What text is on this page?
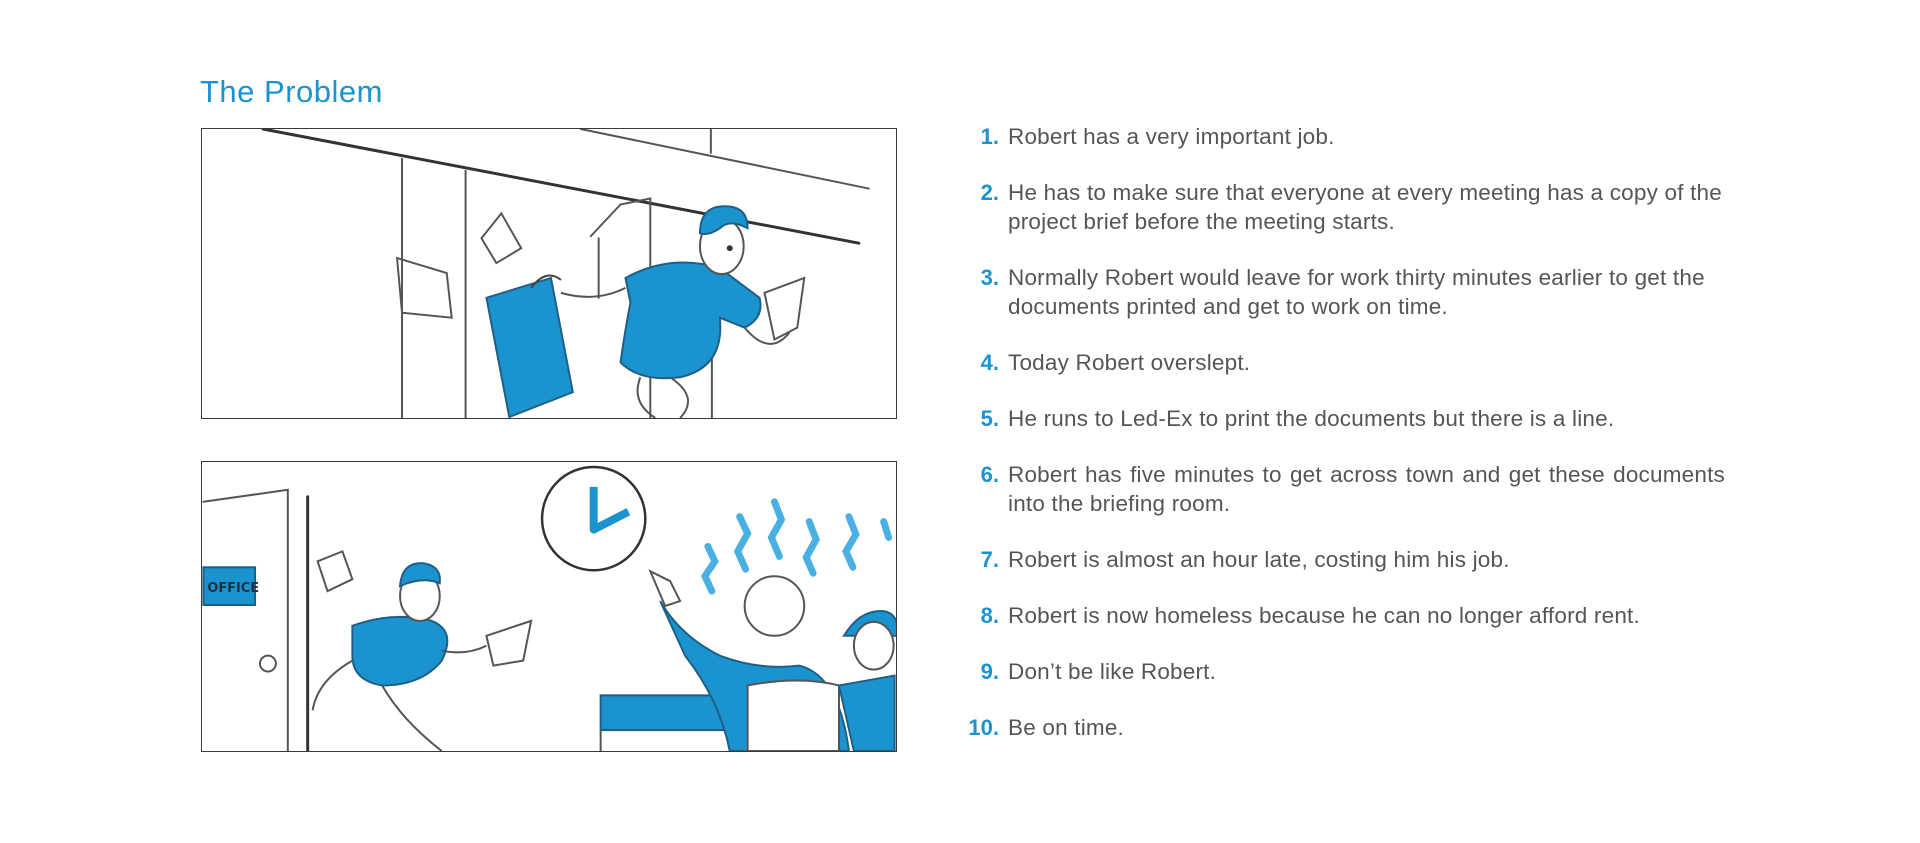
The Problem
OFFICE
1. Robert has a very important job.
2. He has to make sure that everyone at every meeting has a copy of the project brief before the meeting starts.
3. Normally Robert would leave for work thirty minutes earlier to get the documents printed and get to work on time.
4. Today Robert overslept.
5. He runs to Led-Ex to print the documents but there is a line.
6. Robert has five minutes to get across town and get these documents into the briefing room.
7. Robert is almost an hour late, costing him his job.
8. Robert is now homeless because he can no longer afford rent.
9. Don’t be like Robert.
10. Be on time.
